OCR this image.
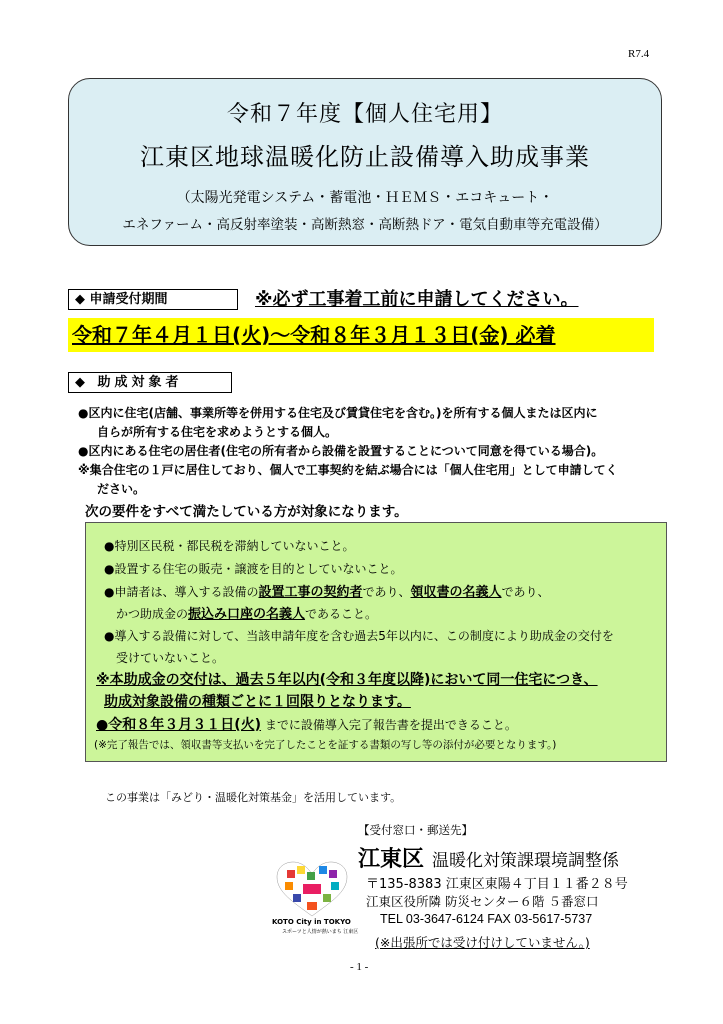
R7.4
令和７年度【個人住宅用】
江東区地球温暖化防止設備導入助成事業
（太陽光発電システム・蓄電池・ＨＥＭＳ・エコキュート・
エネファーム・高反射率塗装・高断熱窓・高断熱ドア・電気自動車等充電設備）
◆ 申請受付期間	※必ず工事着工前に申請してください。
令和７年４月１日(火)〜令和８年３月１３日(金) 必着
◆ 助成対象者

●区内に住宅(店舗、事業所等を併用する住宅及び賃貸住宅を含む。)を所有する個人または区内に

自らが所有する住宅を求めようとする個人。

●区内にある住宅の居住者(住宅の所有者から設備を設置することについて同意を得ている場合)。

※集合住宅の１戸に居住しており、個人で工事契約を結ぶ場合には「個人住宅用」として申請してく

ださい。

次の要件をすべて満たしている方が対象になります。
●特別区民税・都民税を滞納していないこと。
●設置する住宅の販売・譲渡を目的としていないこと。
●申請者は、導入する設備の設置工事の契約者であり、領収書の名義人であり、
かつ助成金の振込み口座の名義人であること。
●導入する設備に対して、当該申請年度を含む過去5年以内に、この制度により助成金の交付を
受けていないこと。
※本助成金の交付は、過去５年以内(令和３年度以降)において同一住宅につき、
助成対象設備の種類ごとに１回限りとなります。
●令和８年３月３１日(火) までに設備導入完了報告書を提出できること。
(※完了報告では、領収書等支払いを完了したことを証する書類の写し等の添付が必要となります。)
この事業は「みどり・温暖化対策基金」を活用しています。
KOTO City in TOKYO
スポーツと人情が熱いまち 江東区
【受付窓口・郵送先】
江東区 温暖化対策課環境調整係
〒135-8383 江東区東陽４丁目１１番２８号
江東区役所隣 防災センター６階 ５番窓口
TEL 03-3647-6124 FAX 03-5617-5737
(※出張所では受け付けしていません。)
- 1 -
